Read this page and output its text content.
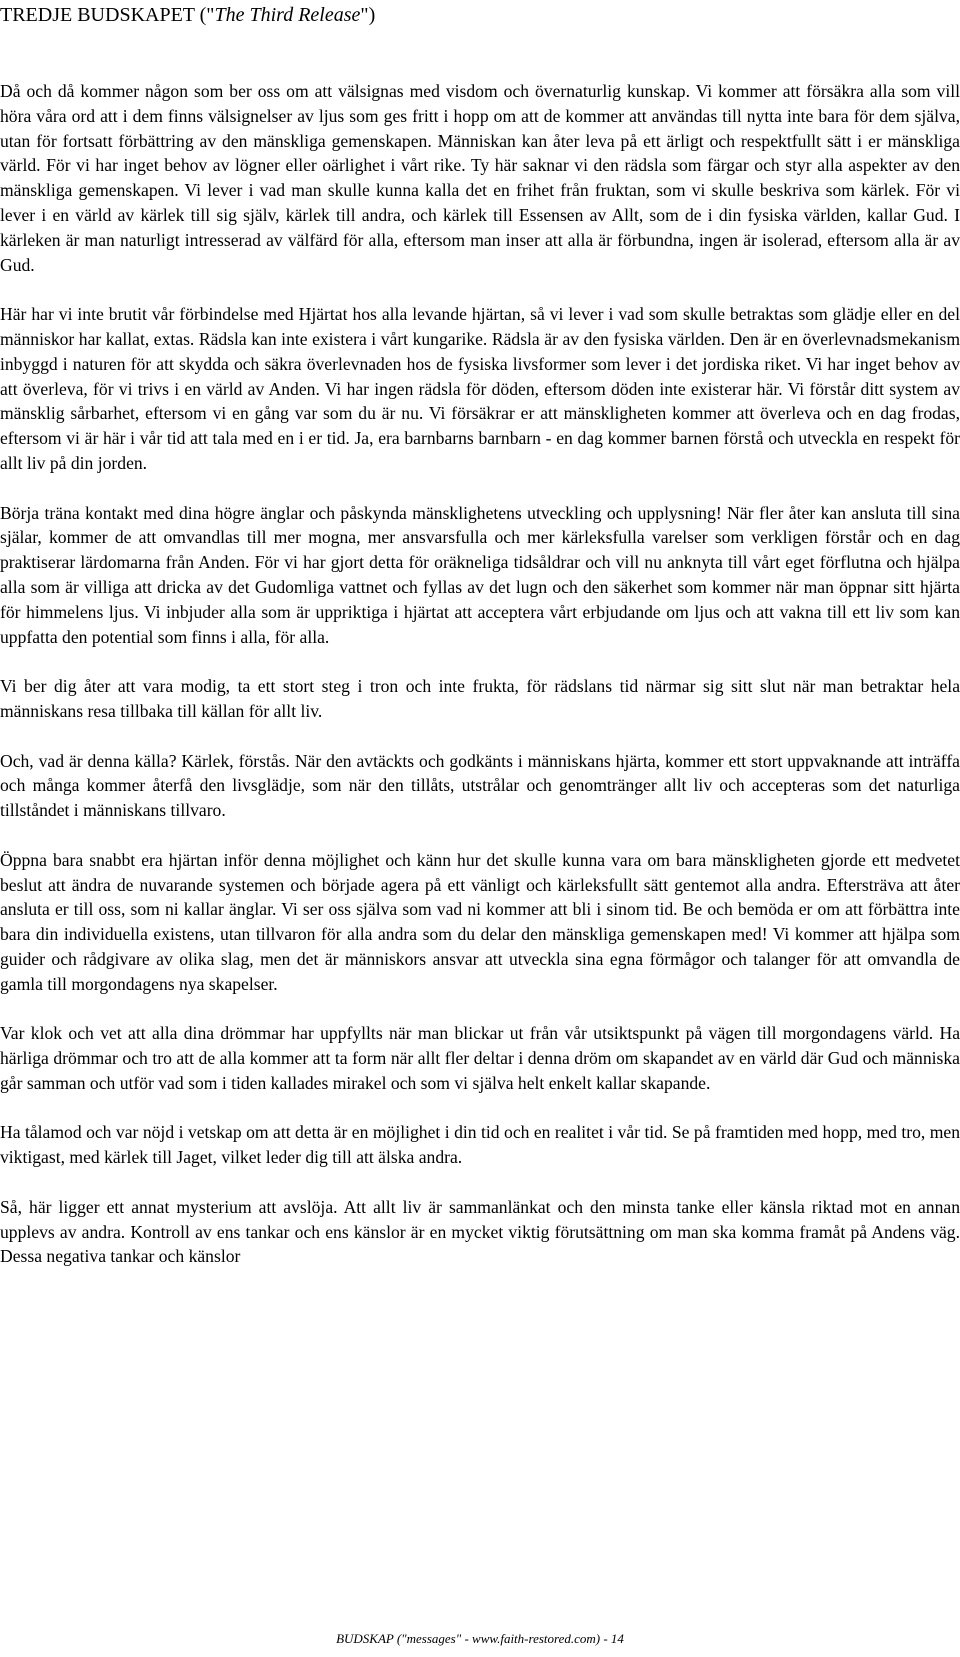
TREDJE BUDSKAPET ("The Third Release")

Då och då kommer någon som ber oss om att välsignas med visdom och övernaturlig kunskap. Vi kommer att försäkra alla som vill höra våra ord att i dem finns välsignelser av ljus som ges fritt i hopp om att de kommer att användas till nytta inte bara för dem själva, utan för fortsatt förbättring av den mänskliga gemenskapen. Människan kan åter leva på ett ärligt och respektfullt sätt i er mänskliga värld. För vi har inget behov av lögner eller oärlighet i vårt rike. Ty här saknar vi den rädsla som färgar och styr alla aspekter av den mänskliga gemenskapen. Vi lever i vad man skulle kunna kalla det en frihet från fruktan, som vi skulle beskriva som kärlek. För vi lever i en värld av kärlek till sig själv, kärlek till andra, och kärlek till Essensen av Allt, som de i din fysiska världen, kallar Gud. I kärleken är man naturligt intresserad av välfärd för alla, eftersom man inser att alla är förbundna, ingen är isolerad, eftersom alla är av Gud.

Här har vi inte brutit vår förbindelse med Hjärtat hos alla levande hjärtan, så vi lever i vad som skulle betraktas som glädje eller en del människor har kallat, extas. Rädsla kan inte existera i vårt kungarike. Rädsla är av den fysiska världen. Den är en överlevnadsmekanism inbyggd i naturen för att skydda och säkra överlevnaden hos de fysiska livsformer som lever i det jordiska riket. Vi har inget behov av att överleva, för vi trivs i en värld av Anden. Vi har ingen rädsla för döden, eftersom döden inte existerar här. Vi förstår ditt system av mänsklig sårbarhet, eftersom vi en gång var som du är nu. Vi försäkrar er att mänskligheten kommer att överleva och en dag frodas, eftersom vi är här i vår tid att tala med en i er tid. Ja, era barnbarns barnbarn - en dag kommer barnen förstå och utveckla en respekt för allt liv på din jorden.

Börja träna kontakt med dina högre änglar och påskynda mänsklighetens utveckling och upplysning! När fler åter kan ansluta till sina själar, kommer de att omvandlas till mer mogna, mer ansvarsfulla och mer kärleksfulla varelser som verkligen förstår och en dag praktiserar lärdomarna från Anden. För vi har gjort detta för oräkneliga tidsåldrar och vill nu anknyta till vårt eget förflutna och hjälpa alla som är villiga att dricka av det Gudomliga vattnet och fyllas av det lugn och den säkerhet som kommer när man öppnar sitt hjärta för himmelens ljus. Vi inbjuder alla som är uppriktiga i hjärtat att acceptera vårt erbjudande om ljus och att vakna till ett liv som kan uppfatta den potential som finns i alla, för alla.

Vi ber dig åter att vara modig, ta ett stort steg i tron och inte frukta, för rädslans tid närmar sig sitt slut när man betraktar hela människans resa tillbaka till källan för allt liv.

Och, vad är denna källa? Kärlek, förstås. När den avtäckts och godkänts i människans hjärta, kommer ett stort uppvaknande att inträffa och många kommer återfå den livsglädje, som när den tillåts, utstrålar och genomtränger allt liv och accepteras som det naturliga tillståndet i människans tillvaro.

Öppna bara snabbt era hjärtan inför denna möjlighet och känn hur det skulle kunna vara om bara mänskligheten gjorde ett medvetet beslut att ändra de nuvarande systemen och började agera på ett vänligt och kärleksfullt sätt gentemot alla andra. Eftersträva att åter ansluta er till oss, som ni kallar änglar. Vi ser oss själva som vad ni kommer att bli i sinom tid. Be och bemöda er om att förbättra inte bara din individuella existens, utan tillvaron för alla andra som du delar den mänskliga gemenskapen med! Vi kommer att hjälpa som guider och rådgivare av olika slag, men det är människors ansvar att utveckla sina egna förmågor och talanger för att omvandla de gamla till morgondagens nya skapelser.

Var klok och vet att alla dina drömmar har uppfyllts när man blickar ut från vår utsiktspunkt på vägen till morgondagens värld. Ha härliga drömmar och tro att de alla kommer att ta form när allt fler deltar i denna dröm om skapandet av en värld där Gud och människa går samman och utför vad som i tiden kallades mirakel och som vi själva helt enkelt kallar skapande.

Ha tålamod och var nöjd i vetskap om att detta är en möjlighet i din tid och en realitet i vår tid. Se på framtiden med hopp, med tro, men viktigast, med kärlek till Jaget, vilket leder dig till att älska andra.

Så, här ligger ett annat mysterium att avslöja. Att allt liv är sammanlänkat och den minsta tanke eller känsla riktad mot en annan upplevs av andra. Kontroll av ens tankar och ens känslor är en mycket viktig förutsättning om man ska komma framåt på Andens väg. Dessa negativa tankar och känslor

BUDSKAP ("messages" - www.faith-restored.com) - 14
